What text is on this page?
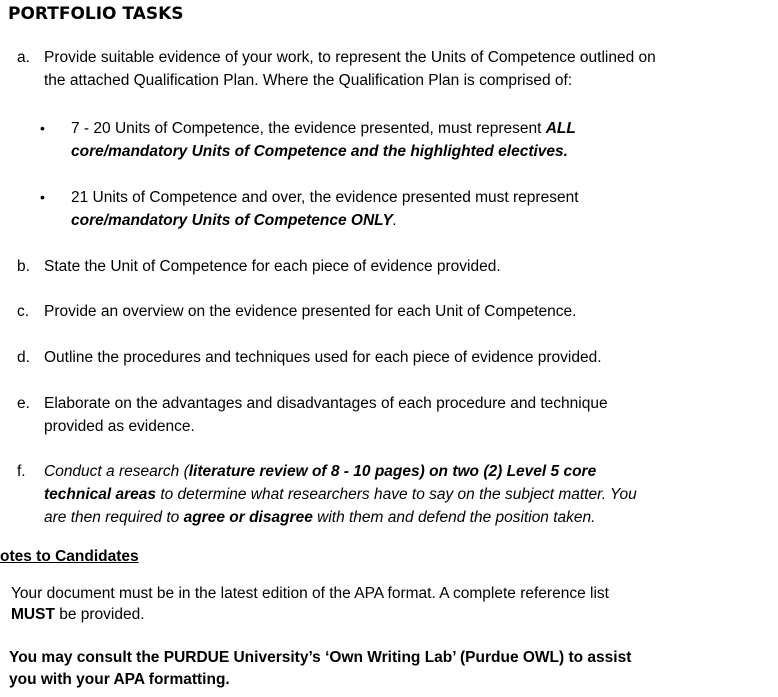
PORTFOLIO TASKS
a. Provide suitable evidence of your work, to represent the Units of Competence outlined on
the attached Qualification Plan. Where the Qualification Plan is comprised of:
•	7 - 20 Units of Competence, the evidence presented, must represent ALL
core/mandatory Units of Competence and the highlighted electives.
•	21 Units of Competence and over, the evidence presented must represent
core/mandatory Units of Competence ONLY.
b. State the Unit of Competence for each piece of evidence provided.
c. Provide an overview on the evidence presented for each Unit of Competence.
d. Outline the procedures and techniques used for each piece of evidence provided.
e. Elaborate on the advantages and disadvantages of each procedure and technique
provided as evidence.
f.	Conduct a research (literature review of 8 - 10 pages) on two (2) Level 5 core
technical areas to determine what researchers have to say on the subject matter. You
are then required to agree or disagree with them and defend the position taken.
otes to Candidates
Your document must be in the latest edition of the APA format. A complete reference list
MUST be provided.
You may consult the PURDUE University’s ‘Own Writing Lab’ (Purdue OWL) to assist
you with your APA formatting.
